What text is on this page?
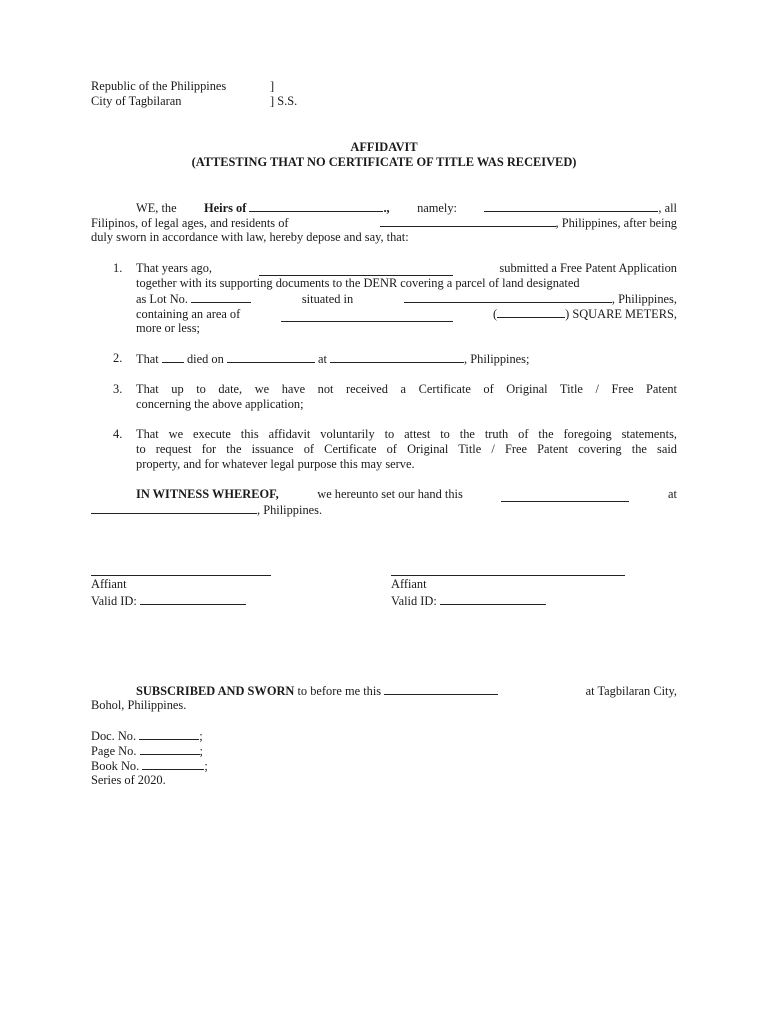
Republic of the Philippines	]
City of Tagbilaran	] S.S.
AFFIDAVIT
(ATTESTING THAT NO CERTIFICATE OF TITLE WAS RECEIVED)
WE, the Heirs of	., namely:	, all
Filipinos, of legal ages, and residents of	, Philippines, after being
duly sworn in accordance with law, hereby depose and say, that:
1. That years ago,	submitted a Free Patent Application
together with its supporting documents to the DENR covering a parcel of land designated
as Lot No.	situated in	, Philippines,
containing an area of	(	) SQUARE METERS,
more or less;
2. That died on	at	, Philippines;
3. That up to date, we have not received a Certificate of Original Title / Free Patent
concerning the above application;
4. That we execute this affidavit voluntarily to attest to the truth of the foregoing statements,
to request for the issuance of Certificate of Original Title / Free Patent covering the said
property, and for whatever legal purpose this may serve.
IN WITNESS WHEREOF,	we hereunto set our hand this	at
, Philippines.
Affiant
Valid ID:
Affiant
Valid ID:
SUBSCRIBED AND SWORN to before me this	at Tagbilaran City,
Bohol, Philippines.
Doc. No.	;
Page No.	;
Book No.	;
Series of 2020.
